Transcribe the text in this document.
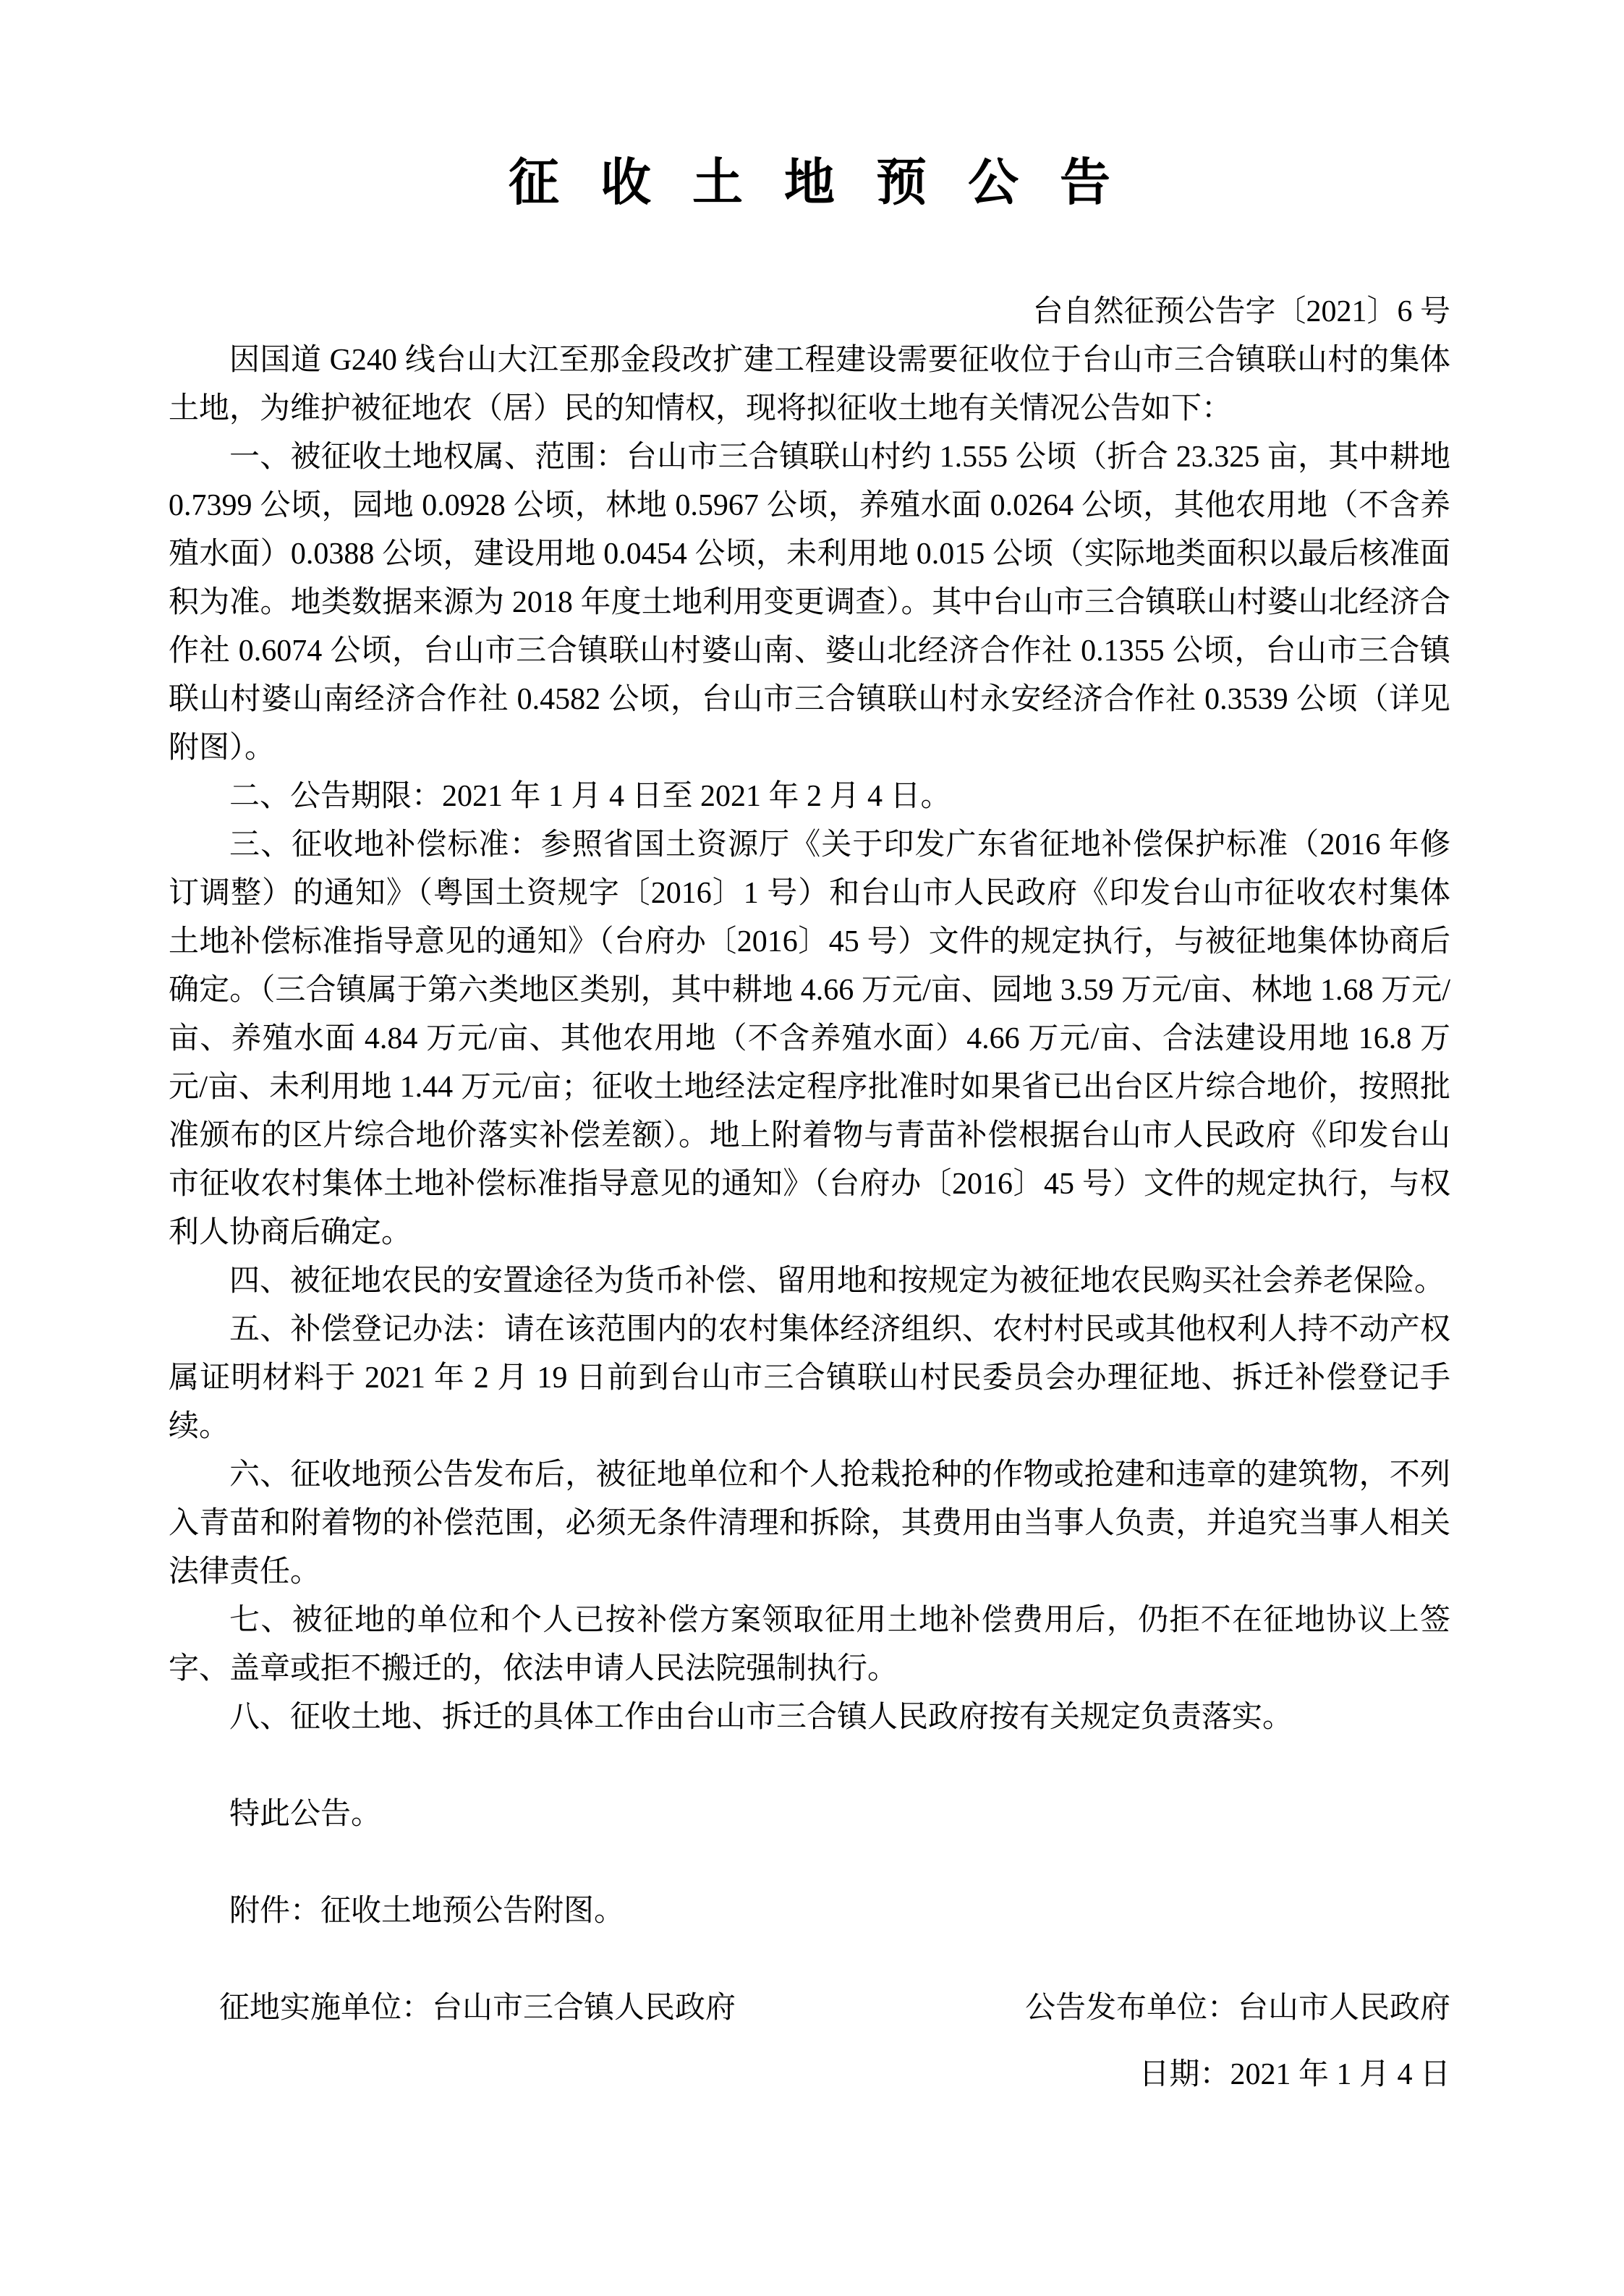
征收土地预公告
台自然征预公告字〔2021〕6 号

因国道 G240 线台山大江至那金段改扩建工程建设需要征收位于台山市三合镇联山村的集体土地，为维护被征地农（居）民的知情权，现将拟征收土地有关情况公告如下：

一、被征收土地权属、范围：台山市三合镇联山村约 1.555 公顷（折合 23.325 亩，其中耕地 0.7399 公顷，园地 0.0928 公顷，林地 0.5967 公顷，养殖水面 0.0264 公顷，其他农用地（不含养殖水面）0.0388 公顷，建设用地 0.0454 公顷，未利用地 0.015 公顷（实际地类面积以最后核准面积为准。地类数据来源为 2018 年度土地利用变更调查）。其中台山市三合镇联山村婆山北经济合作社 0.6074 公顷，台山市三合镇联山村婆山南、婆山北经济合作社 0.1355 公顷，台山市三合镇联山村婆山南经济合作社 0.4582 公顷，台山市三合镇联山村永安经济合作社 0.3539 公顷（详见附图）。

二、公告期限：2021 年 1 月 4 日至 2021 年 2 月 4 日。

三、征收地补偿标准：参照省国土资源厅《关于印发广东省征地补偿保护标准（2016 年修订调整）的通知》（粤国土资规字〔2016〕1 号）和台山市人民政府《印发台山市征收农村集体土地补偿标准指导意见的通知》（台府办〔2016〕45 号）文件的规定执行，与被征地集体协商后确定。（三合镇属于第六类地区类别，其中耕地 4.66 万元/亩、园地 3.59 万元/亩、林地 1.68 万元/亩、养殖水面 4.84 万元/亩、其他农用地（不含养殖水面）4.66 万元/亩、合法建设用地 16.8 万元/亩、未利用地 1.44 万元/亩；征收土地经法定程序批准时如果省已出台区片综合地价，按照批准颁布的区片综合地价落实补偿差额）。地上附着物与青苗补偿根据台山市人民政府《印发台山市征收农村集体土地补偿标准指导意见的通知》（台府办〔2016〕45 号）文件的规定执行，与权利人协商后确定。

四、被征地农民的安置途径为货币补偿、留用地和按规定为被征地农民购买社会养老保险。

五、补偿登记办法：请在该范围内的农村集体经济组织、农村村民或其他权利人持不动产权属证明材料于 2021 年 2 月 19 日前到台山市三合镇联山村民委员会办理征地、拆迁补偿登记手续。

六、征收地预公告发布后，被征地单位和个人抢栽抢种的作物或抢建和违章的建筑物，不列入青苗和附着物的补偿范围，必须无条件清理和拆除，其费用由当事人负责，并追究当事人相关法律责任。

七、被征地的单位和个人已按补偿方案领取征用土地补偿费用后，仍拒不在征地协议上签字、盖章或拒不搬迁的，依法申请人民法院强制执行。

八、征收土地、拆迁的具体工作由台山市三合镇人民政府按有关规定负责落实。

特此公告。

附件：征收土地预公告附图。

征地实施单位：台山市三合镇人民政府	公告发布单位：台山市人民政府
日期：2021 年 1 月 4 日
